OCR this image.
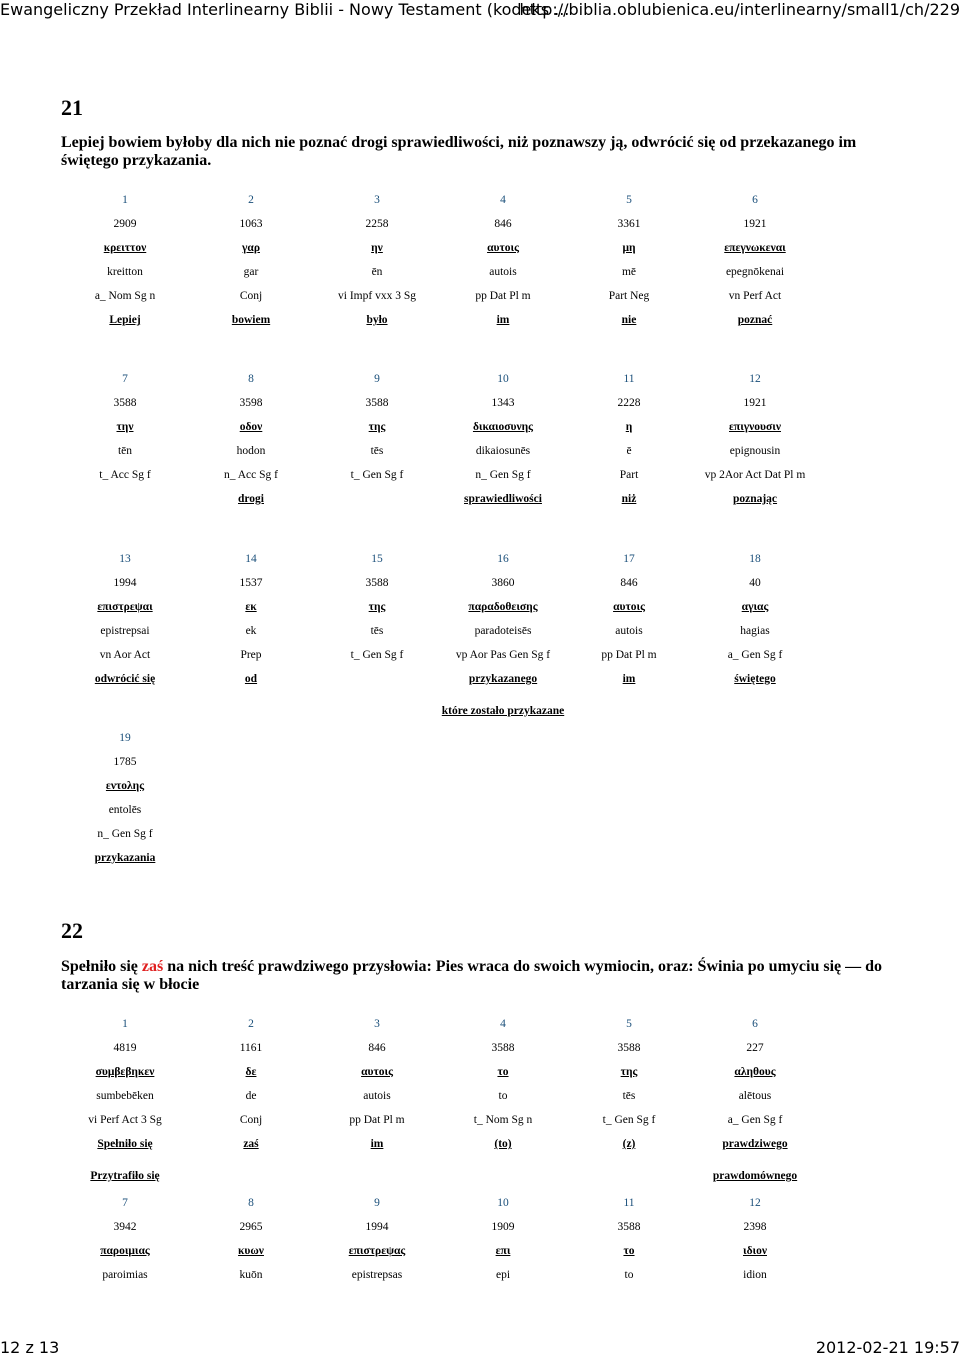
Ewangeliczny Przekład Interlinearny Biblii - Nowy Testament (kodeks ...
http://biblia.oblubienica.eu/interlinearny/small1/ch/229
21
Lepiej bowiem byłoby dla nich nie poznać drogi sprawiedliwości, niż poznawszy ją, odwrócić się od przekazanego im świętego przykazania.
1
2909
κρειττον
kreitton
a_ Nom Sg n
Lepiej
2
1063
γαρ
gar
Conj
bowiem
3
2258
ην
ēn
vi Impf vxx 3 Sg
było
4
846
αυτοις
autois
pp Dat Pl m
im
5
3361
μη
mē
Part Neg
nie
6
1921
επεγνωκεναι
epegnōkenai
vn Perf Act
poznać
7
3588
την
tēn
t_ Acc Sg f
8
3598
οδον
hodon
n_ Acc Sg f
drogi
9
3588
της
tēs
t_ Gen Sg f
10
1343
δικαιοσυνης
dikaiosunēs
n_ Gen Sg f
sprawiedliwości
11
2228
η
ē
Part
niż
12
1921
επιγνουσιν
epignousin
vp 2Aor Act Dat Pl m
poznając
13
1994
επιστρεψαι
epistrepsai
vn Aor Act
odwrócić się
14
1537
εκ
ek
Prep
od
15
3588
της
tēs
t_ Gen Sg f
16
3860
παραδοθεισης
paradoteisēs
vp Aor Pas Gen Sg f
przykazanego
które zostało przykazane
17
846
αυτοις
autois
pp Dat Pl m
im
18
40
αγιας
hagias
a_ Gen Sg f
świętego
19
1785
εντολης
entolēs
n_ Gen Sg f
przykazania
22
Spełniło się zaś na nich treść prawdziwego przysłowia: Pies wraca do swoich wymiocin, oraz: Świnia po umyciu się — do tarzania się w błocie
1
4819
συμβεβηκεν
sumbebēken
vi Perf Act 3 Sg
Spełniło się
Przytrafiło się
2
1161
δε
de
Conj
zaś
3
846
αυτοις
autois
pp Dat Pl m
im
4
3588
το
to
t_ Nom Sg n
(to)
5
3588
της
tēs
t_ Gen Sg f
(z)
6
227
αληθους
alētous
a_ Gen Sg f
prawdziwego
prawdomównego
7
3942
παροιμιας
paroimias
8
2965
κυων
kuōn
9
1994
επιστρεψας
epistrepsas
10
1909
επι
epi
11
3588
το
to
12
2398
ιδιον
idion
12 z 13	2012-02-21 19:57
